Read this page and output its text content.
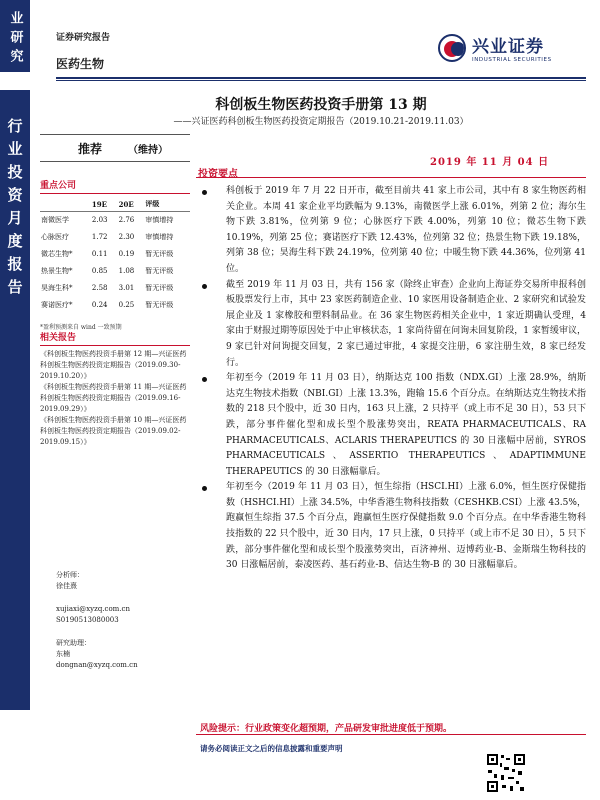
业研究
行业投资月度报告
证券研究报告
医药生物
兴业证券
INDUSTRIAL SECURITIES
科创板生物医药投资手册第 13 期
——兴证医药科创板生物医药投资定期报告（2019.10.21-2019.11.03）
推荐	（维持）
2019 年 11 月 04 日
投资要点
重点公司
	19E	20E	评级
南微医学	2.03	2.76	审慎增持
心脉医疗	1.72	2.30	审慎增持
微芯生物*	0.11	0.19	暂无评级
热景生物*	0.85	1.08	暂无评级
昊海生科*	2.58	3.01	暂无评级
赛诺医疗*	0.24	0.25	暂无评级
*盈利预测来自 wind 一致预期
相关报告
《科创板生物医药投资手册第 12 期—兴证医药科创板生物医药投资定期报告（2019.09.30-2019.10.20）》
《科创板生物医药投资手册第 11 期—兴证医药科创板生物医药投资定期报告（2019.09.16-2019.09.29）》
《科创板生物医药投资手册第 10 期—兴证医药科创板生物医药投资定期报告（2019.09.02-2019.09.15）》
分析师：
徐佳熹
xujiaxi@xyzq.com.cn
S0190513080003
研究助理：
东楠
dongnan@xyzq.com.cn
科创板于 2019 年 7 月 22 日开市，截至目前共 41 家上市公司，其中有 8 家生物医药相关企业。本周 41 家企业平均跌幅为 9.13%，南微医学上涨 6.01%，列第 2 位；海尔生物下跌 3.81%，位列第 9 位；心脉医疗下跌 4.00%，列第 10 位；微芯生物下跌 10.19%，列第 25 位；赛诺医疗下跌 12.43%，位列第 32 位；热景生物下跌 19.18%，列第 38 位；昊海生科下跌 24.19%，位列第 40 位；中暖生物下跌 44.36%，位列第 41 位。
截至 2019 年 11 月 03 日，共有 156 家（除终止审查）企业向上海证券交易所申报科创板股票发行上市，其中 23 家医药制造企业、10 家医用设备制造企业、2 家研究和试验发展企业及 1 家橡胶和塑料制品业。在 36 家生物医药相关企业中，1 家近期确认受理，4 家由于财报过期等原因处于中止审核状态，1 家尚待留在问询未回复阶段，1 家暂缓审议，9 家已针对问询提交回复，2 家已通过审批，4 家提交注册，6 家注册生效，8 家已经发行。
年初至今（2019 年 11 月 03 日），纳斯达克 100 指数（NDX.GI）上涨 28.9%，纳斯达克生物技术指数（NBI.GI）上涨 13.3%，跑输 15.6 个百分点。在纳斯达克生物技术指数的 218 只个股中，近 30 日内，163 只上涨，2 只持平（或上市不足 30 日），53 只下跌，部分事件催化型和成长型个股涨势突出，REATA PHARMACEUTICALS、RA PHARMACEUTICALS、ACLARIS THERAPEUTICS 的 30 日涨幅中居前，SYROS PHARMACEUTICALS、ASSERTIO THERAPEUTICS、ADAPTIMMUNE THERAPEUTICS 的 30 日涨幅靠后。
年初至今（2019 年 11 月 03 日），恒生综指（HSCI.HI）上涨 6.0%，恒生医疗保健指数（HSHCI.HI）上涨 34.5%，中华香港生物科技指数（CESHKB.CSI）上涨 43.5%，跑赢恒生综指 37.5 个百分点，跑赢恒生医疗保健指数 9.0 个百分点。在中华香港生物科技指数的 22 只个股中，近 30 日内，17 只上涨，0 只持平（或上市不足 30 日），5 只下跌，部分事件催化型和成长型个股涨势突出，百济神州、迈博药业-B、金斯瑞生物科技的 30 日涨幅居前，泰凌医药、基石药业-B、信达生物-B 的 30 日涨幅靠后。
风险提示：行业政策变化超预期，产品研发审批进度低于预期。
请务必阅读正文之后的信息披露和重要声明
